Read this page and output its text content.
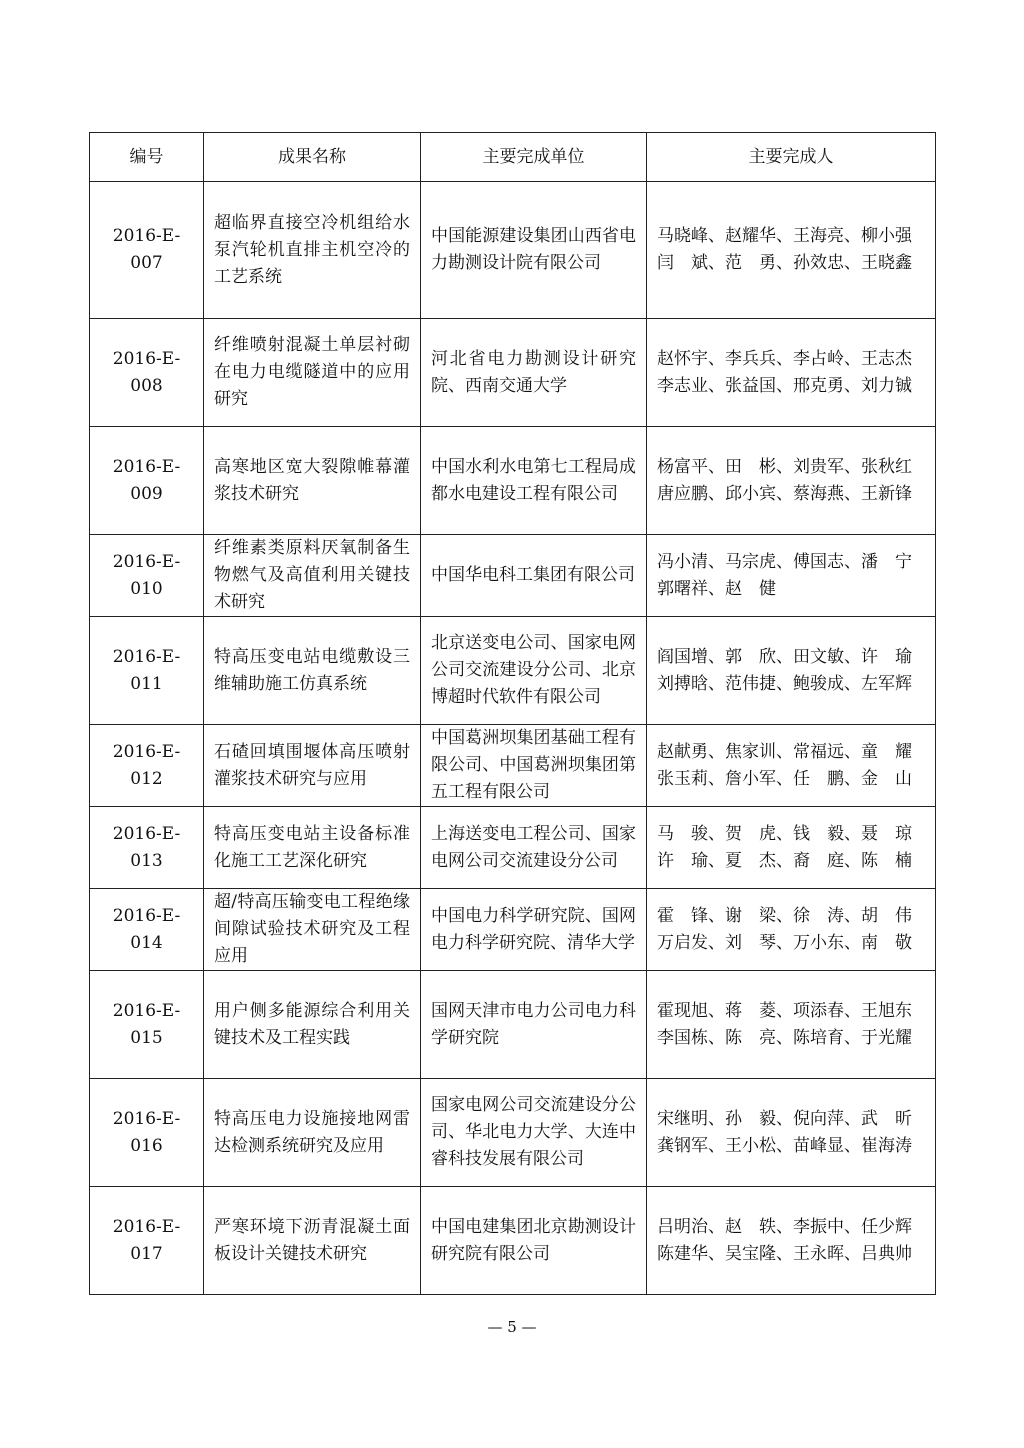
编号	成果名称	主要完成单位	主要完成人
2016-E-007	超临界直接空冷机组给水泵汽轮机直排主机空冷的工艺系统	中国能源建设集团山西省电力勘测设计院有限公司	马晓峰、赵耀华、王海亮、柳小强
闫　斌、范　勇、孙效忠、王晓鑫
2016-E-008	纤维喷射混凝土单层衬砌在电力电缆隧道中的应用研究	河北省电力勘测设计研究院、西南交通大学	赵怀宇、李兵兵、李占岭、王志杰
李志业、张益国、邢克勇、刘力铖
2016-E-009	高寒地区宽大裂隙帷幕灌浆技术研究	中国水利水电第七工程局成都水电建设工程有限公司	杨富平、田　彬、刘贵军、张秋红
唐应鹏、邱小宾、蔡海燕、王新锋
2016-E-010	纤维素类原料厌氧制备生物燃气及高值利用关键技术研究	中国华电科工集团有限公司	冯小清、马宗虎、傅国志、潘　宁
郭曙祥、赵　健
2016-E-011	特高压变电站电缆敷设三维辅助施工仿真系统	北京送变电公司、国家电网公司交流建设分公司、北京博超时代软件有限公司	阎国增、郭　欣、田文敏、许　瑜
刘搏晗、范伟捷、鲍骏成、左军辉
2016-E-012	石碴回填围堰体高压喷射灌浆技术研究与应用	中国葛洲坝集团基础工程有限公司、中国葛洲坝集团第五工程有限公司	赵献勇、焦家训、常福远、童　耀
张玉莉、詹小军、任　鹏、金　山
2016-E-013	特高压变电站主设备标准化施工工艺深化研究	上海送变电工程公司、国家电网公司交流建设分公司	马　骏、贺　虎、钱　毅、聂　琼
许　瑜、夏　杰、裔　庭、陈　楠
2016-E-014	超/特高压输变电工程绝缘间隙试验技术研究及工程应用	中国电力科学研究院、国网电力科学研究院、清华大学	霍　锋、谢　梁、徐　涛、胡　伟
万启发、刘　琴、万小东、南　敬
2016-E-015	用户侧多能源综合利用关键技术及工程实践	国网天津市电力公司电力科学研究院	霍现旭、蒋　菱、项添春、王旭东
李国栋、陈　亮、陈培育、于光耀
2016-E-016	特高压电力设施接地网雷达检测系统研究及应用	国家电网公司交流建设分公司、华北电力大学、大连中睿科技发展有限公司	宋继明、孙　毅、倪向萍、武　昕
龚钢军、王小松、苗峰显、崔海涛
2016-E-017	严寒环境下沥青混凝土面板设计关键技术研究	中国电建集团北京勘测设计研究院有限公司	吕明治、赵　轶、李振中、任少辉
陈建华、吴宝隆、王永晖、吕典帅
— 5 —
